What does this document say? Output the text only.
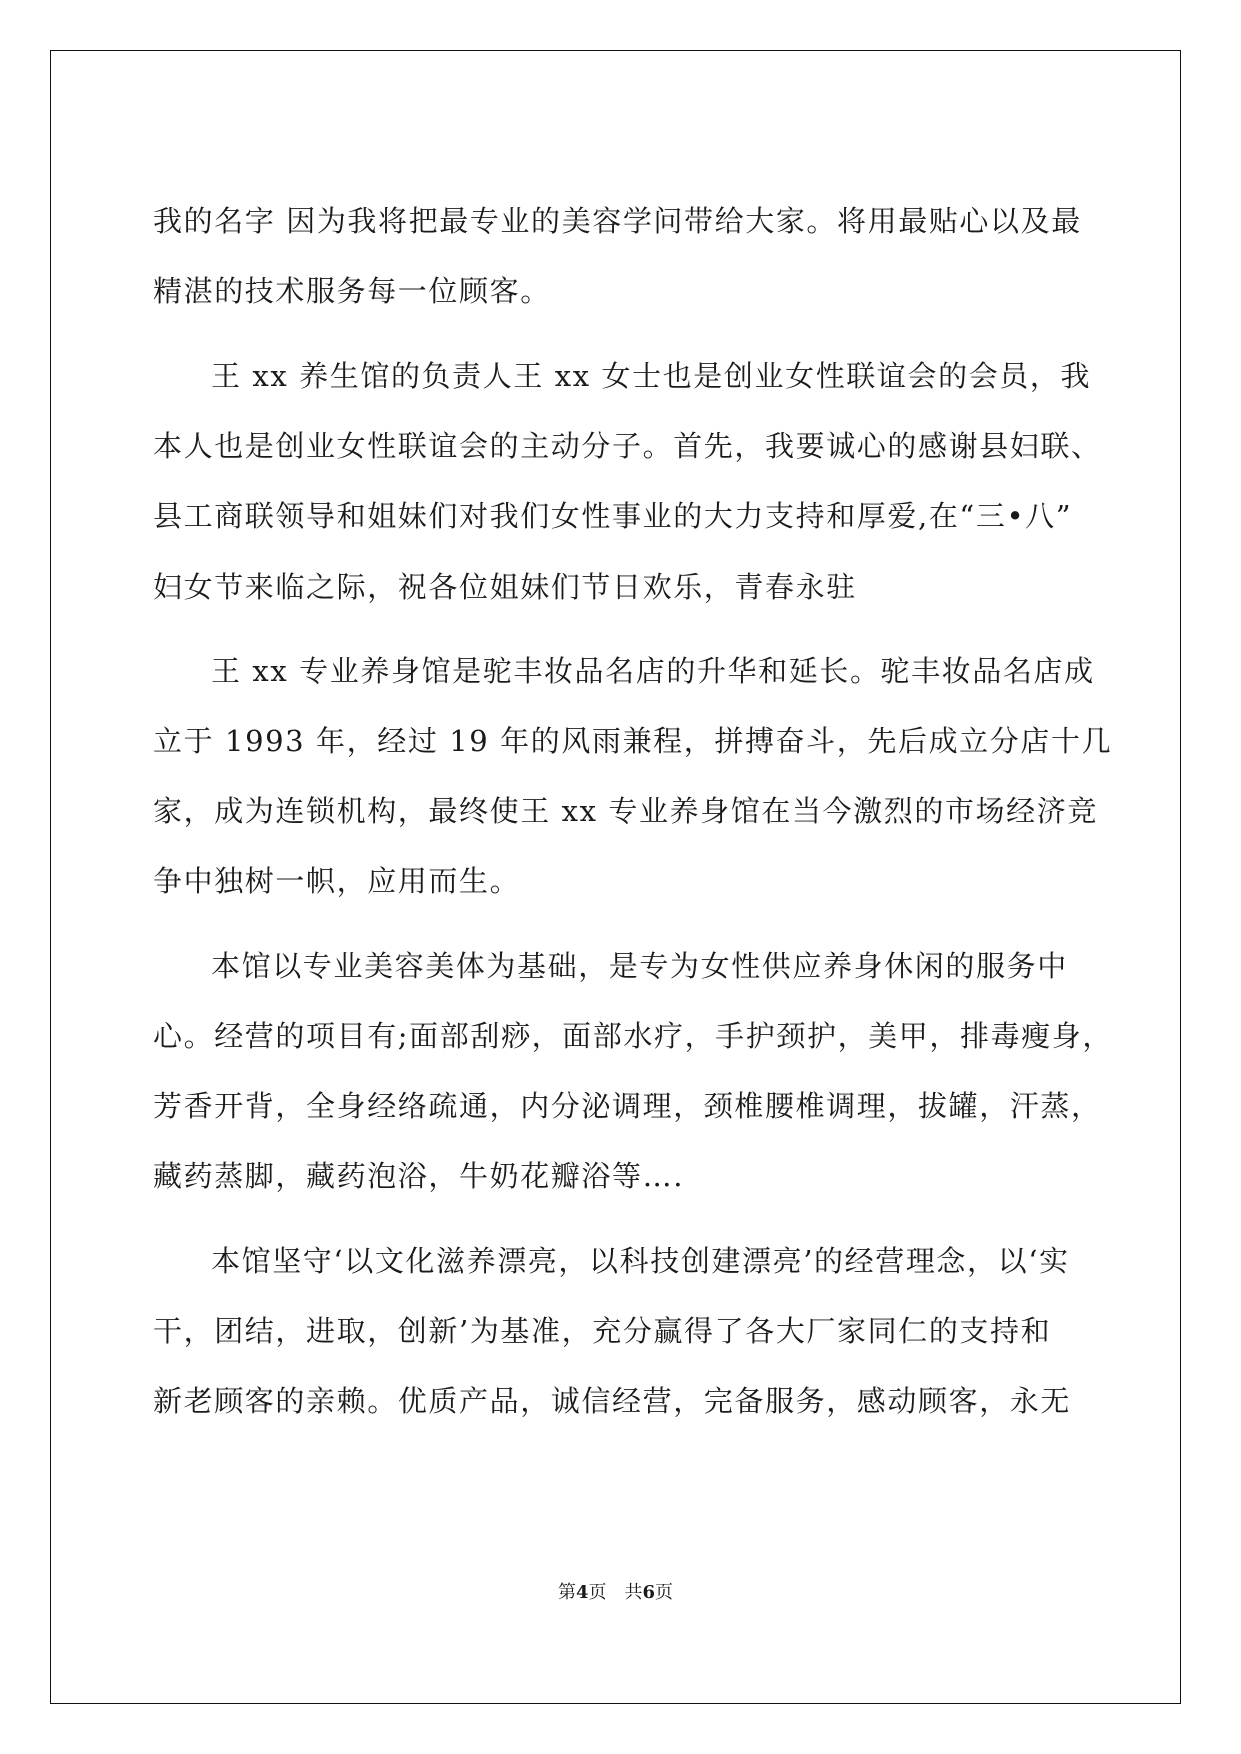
我的名字 因为我将把最专业的美容学问带给大家。将用最贴心以及最
精湛的技术服务每一位顾客。
王 xx 养生馆的负责人王 xx 女士也是创业女性联谊会的会员，我
本人也是创业女性联谊会的主动分子。首先，我要诚心的感谢县妇联、
县工商联领导和姐妹们对我们女性事业的大力支持和厚爱,在“三•八”
妇女节来临之际，祝各位姐妹们节日欢乐，青春永驻
王 xx 专业养身馆是驼丰妆品名店的升华和延长。驼丰妆品名店成
立于 1993 年，经过 19 年的风雨兼程，拼搏奋斗，先后成立分店十几
家，成为连锁机构，最终使王 xx 专业养身馆在当今激烈的市场经济竞
争中独树一帜，应用而生。
本馆以专业美容美体为基础，是专为女性供应养身休闲的服务中
心。经营的项目有;面部刮痧，面部水疗，手护颈护，美甲，排毒瘦身，
芳香开背，全身经络疏通，内分泌调理，颈椎腰椎调理，拔罐，汗蒸，
藏药蒸脚，藏药泡浴，牛奶花瓣浴等….
本馆坚守‘以文化滋养漂亮，以科技创建漂亮’的经营理念，以‘实
干，团结，进取，创新’为基准，充分赢得了各大厂家同仁的支持和
新老顾客的亲赖。优质产品，诚信经营，完备服务，感动顾客，永无
第4页 共6页
